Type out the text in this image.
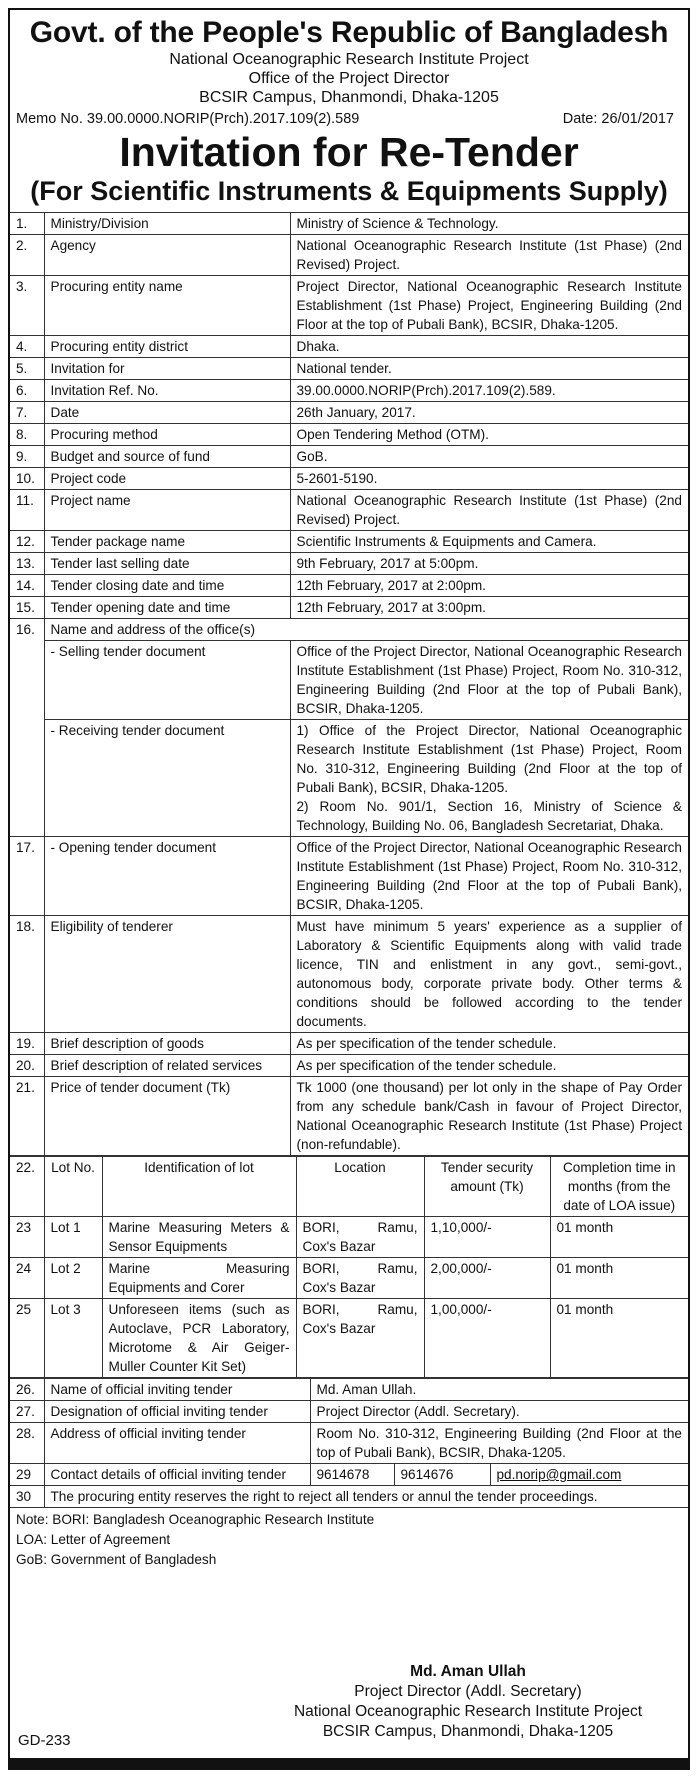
Govt. of the People's Republic of Bangladesh
National Oceanographic Research Institute Project
Office of the Project Director
BCSIR Campus, Dhanmondi, Dhaka-1205
Memo No. 39.00.0000.NORIP(Prch).2017.109(2).589	Date: 26/01/2017
Invitation for Re-Tender
(For Scientific Instruments & Equipments Supply)
1.	Ministry/Division	Ministry of Science & Technology.
2.	Agency	National Oceanographic Research Institute (1st Phase) (2nd Revised) Project.
3.	Procuring entity name	Project Director, National Oceanographic Research Institute Establishment (1st Phase) Project, Engineering Building (2nd Floor at the top of Pubali Bank), BCSIR, Dhaka-1205.
4.	Procuring entity district	Dhaka.
5.	Invitation for	National tender.
6.	Invitation Ref. No.	39.00.0000.NORIP(Prch).2017.109(2).589.
7.	Date	26th January, 2017.
8.	Procuring method	Open Tendering Method (OTM).
9.	Budget and source of fund	GoB.
10.	Project code	5-2601-5190.
11.	Project name	National Oceanographic Research Institute (1st Phase) (2nd Revised) Project.
12.	Tender package name	Scientific Instruments & Equipments and Camera.
13.	Tender last selling date	9th February, 2017 at 5:00pm.
14.	Tender closing date and time	12th February, 2017 at 2:00pm.
15.	Tender opening date and time	12th February, 2017 at 3:00pm.
16.	Name and address of the office(s)	
	- Selling tender document	Office of the Project Director, National Oceanographic Research Institute Establishment (1st Phase) Project, Room No. 310-312, Engineering Building (2nd Floor at the top of Pubali Bank), BCSIR, Dhaka-1205.
	- Receiving tender document	1) Office of the Project Director, National Oceanographic Research Institute Establishment (1st Phase) Project, Room No. 310-312, Engineering Building (2nd Floor at the top of Pubali Bank), BCSIR, Dhaka-1205.
2) Room No. 901/1, Section 16, Ministry of Science & Technology, Building No. 06, Bangladesh Secretariat, Dhaka.

17.	- Opening tender document	Office of the Project Director, National Oceanographic Research Institute Establishment (1st Phase) Project, Room No. 310-312, Engineering Building (2nd Floor at the top of Pubali Bank), BCSIR, Dhaka-1205.
18.	Eligibility of tenderer	Must have minimum 5 years' experience as a supplier of Laboratory & Scientific Equipments along with valid trade licence, TIN and enlistment in any govt., semi-govt., autonomous body, corporate private body. Other terms & conditions should be followed according to the tender documents.
19.	Brief description of goods	As per specification of the tender schedule.
20.	Brief description of related services	As per specification of the tender schedule.
21.	Price of tender document (Tk)	Tk 1000 (one thousand) per lot only in the shape of Pay Order from any schedule bank/Cash in favour of Project Director, National Oceanographic Research Institute (1st Phase) Project (non-refundable).
22.	Lot No.	Identification of lot	Location	Tender security amount (Tk)	Completion time in months (from the date of LOA issue)
23	Lot 1	Marine Measuring Meters & Sensor Equipments	BORI, Ramu, Cox's Bazar	1,10,000/-	01 month
24	Lot 2	Marine Measuring Equipments and Corer	BORI, Ramu, Cox's Bazar	2,00,000/-	01 month
25	Lot 3	Unforeseen items (such as Autoclave, PCR Laboratory, Microtome & Air Geiger-Muller Counter Kit Set)	BORI, Ramu, Cox's Bazar	1,00,000/-	01 month
26.	Name of official inviting tender	Md. Aman Ullah.		
27.	Designation of official inviting tender	Project Director (Addl. Secretary).		
28.	Address of official inviting tender	Room No. 310-312, Engineering Building (2nd Floor at the top of Pubali Bank), BCSIR, Dhaka-1205.		
29	Contact details of official inviting tender	9614678	9614676	pd.norip@gmail.com
30	The procuring entity reserves the right to reject all tenders or annul the tender proceedings.			
Note: BORI: Bangladesh Oceanographic Research Institute
LOA: Letter of Agreement
GoB: Government of Bangladesh
Md. Aman Ullah
Project Director (Addl. Secretary)
National Oceanographic Research Institute Project
BCSIR Campus, Dhanmondi, Dhaka-1205
GD-233
